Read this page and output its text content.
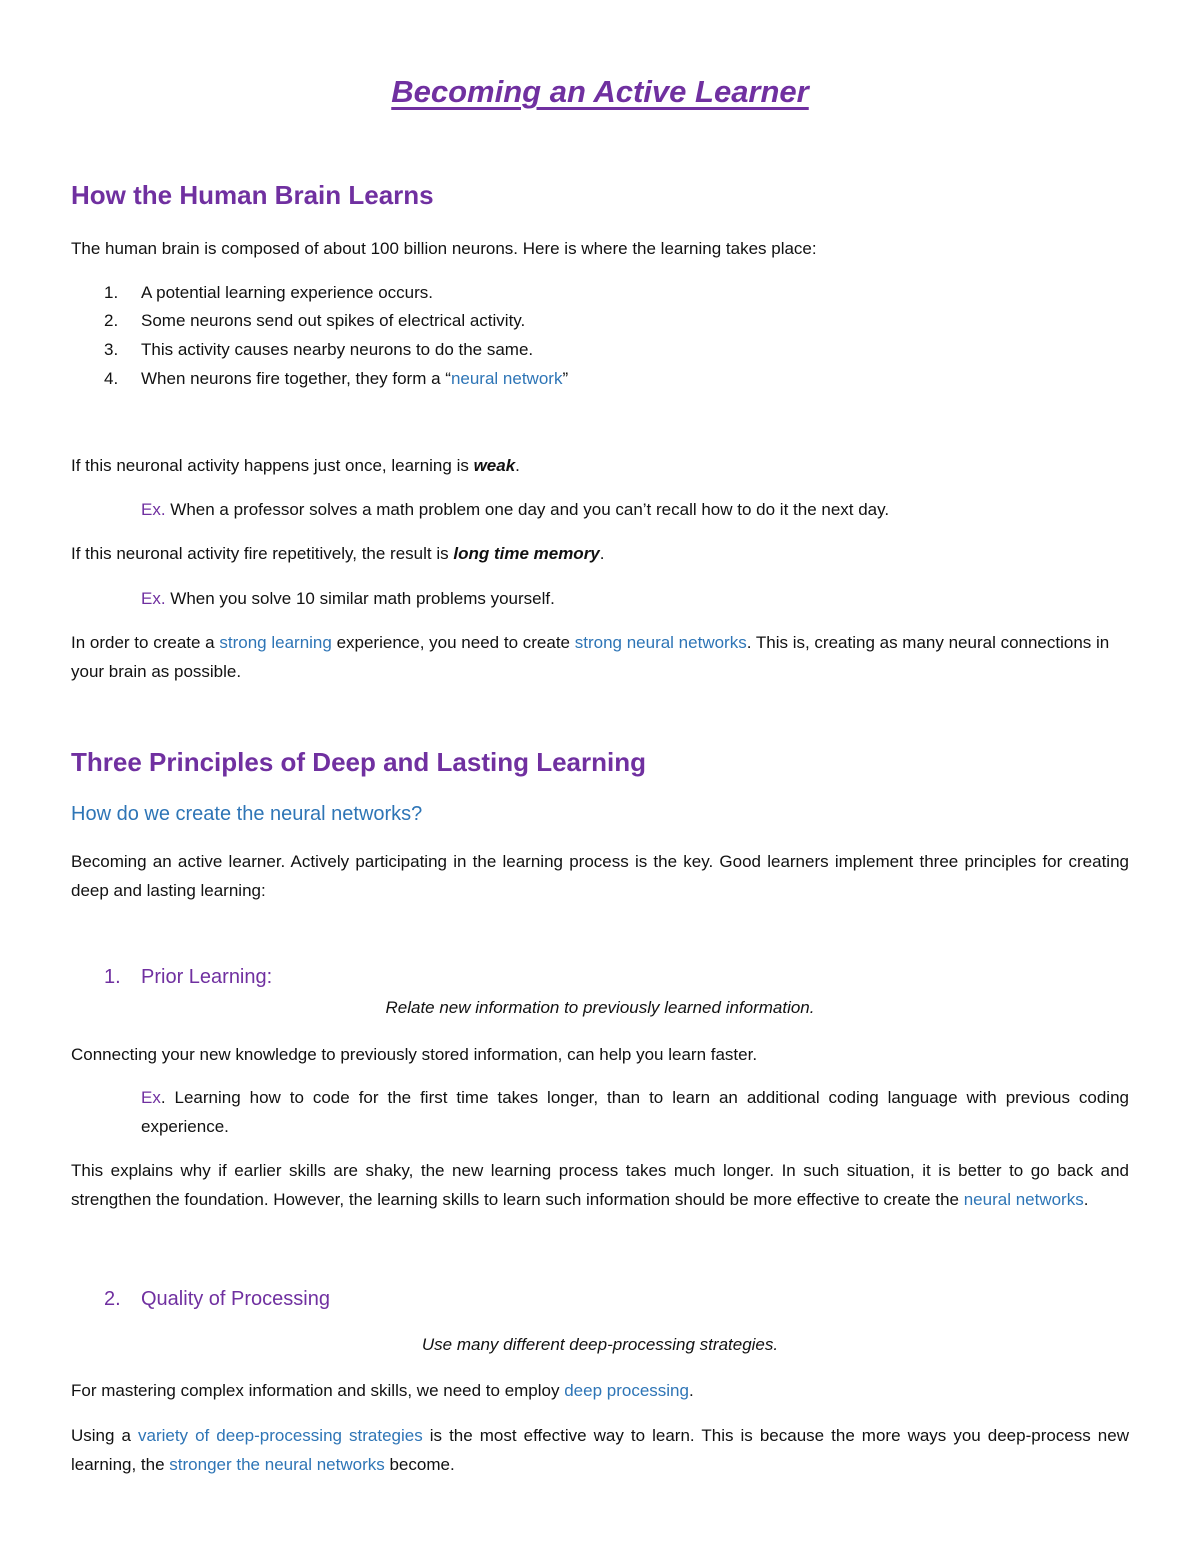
Becoming an Active Learner
How the Human Brain Learns

The human brain is composed of about 100 billion neurons. Here is where the learning takes place:

1. A potential learning experience occurs.
2. Some neurons send out spikes of electrical activity.
3. This activity causes nearby neurons to do the same.
4. When neurons fire together, they form a “neural network”

If this neuronal activity happens just once, learning is weak.

Ex. When a professor solves a math problem one day and you can’t recall how to do it the next day.

If this neuronal activity fire repetitively, the result is long time memory.

Ex. When you solve 10 similar math problems yourself.

In order to create a strong learning experience, you need to create strong neural networks. This is, creating as many neural connections in your brain as possible.

Three Principles of Deep and Lasting Learning
How do we create the neural networks?

Becoming an active learner. Actively participating in the learning process is the key. Good learners implement three principles for creating deep and lasting learning:

1. Prior Learning:

Relate new information to previously learned information.

Connecting your new knowledge to previously stored information, can help you learn faster.

Ex. Learning how to code for the first time takes longer, than to learn an additional coding language with previous coding experience.

This explains why if earlier skills are shaky, the new learning process takes much longer. In such situation, it is better to go back and strengthen the foundation. However, the learning skills to learn such information should be more effective to create the neural networks.

2. Quality of Processing

Use many different deep-processing strategies.

For mastering complex information and skills, we need to employ deep processing.

Using a variety of deep-processing strategies is the most effective way to learn. This is because the more ways you deep-process new learning, the stronger the neural networks become.
